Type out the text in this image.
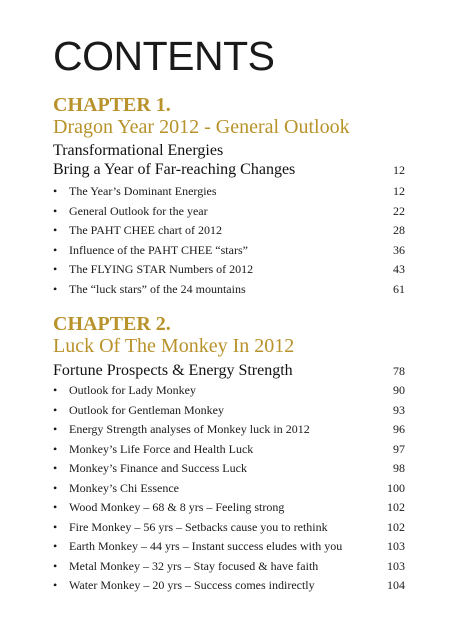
CONTENTS
CHAPTER 1.
Dragon Year 2012 - General Outlook
Transformational Energies
Bring a Year of Far-reaching Changes	12
• The Year’s Dominant Energies	12
• General Outlook for the year	22
• The PAHT CHEE chart of 2012	28
• Influence of the PAHT CHEE “stars”	36
• The FLYING STAR Numbers of 2012	43
• The “luck stars” of the 24 mountains	61
CHAPTER 2.
Luck Of The Monkey In 2012
Fortune Prospects & Energy Strength	78
• Outlook for Lady Monkey	90
• Outlook for Gentleman Monkey	93
• Energy Strength analyses of Monkey luck in 2012	96
• Monkey’s Life Force and Health Luck	97
• Monkey’s Finance and Success Luck	98
• Monkey’s Chi Essence	100
• Wood Monkey – 68 & 8 yrs – Feeling strong	102
• Fire Monkey – 56 yrs – Setbacks cause you to rethink	102
• Earth Monkey – 44 yrs – Instant success eludes with you	103
• Metal Monkey – 32 yrs – Stay focused & have faith	103
• Water Monkey – 20 yrs – Success comes indirectly	104
